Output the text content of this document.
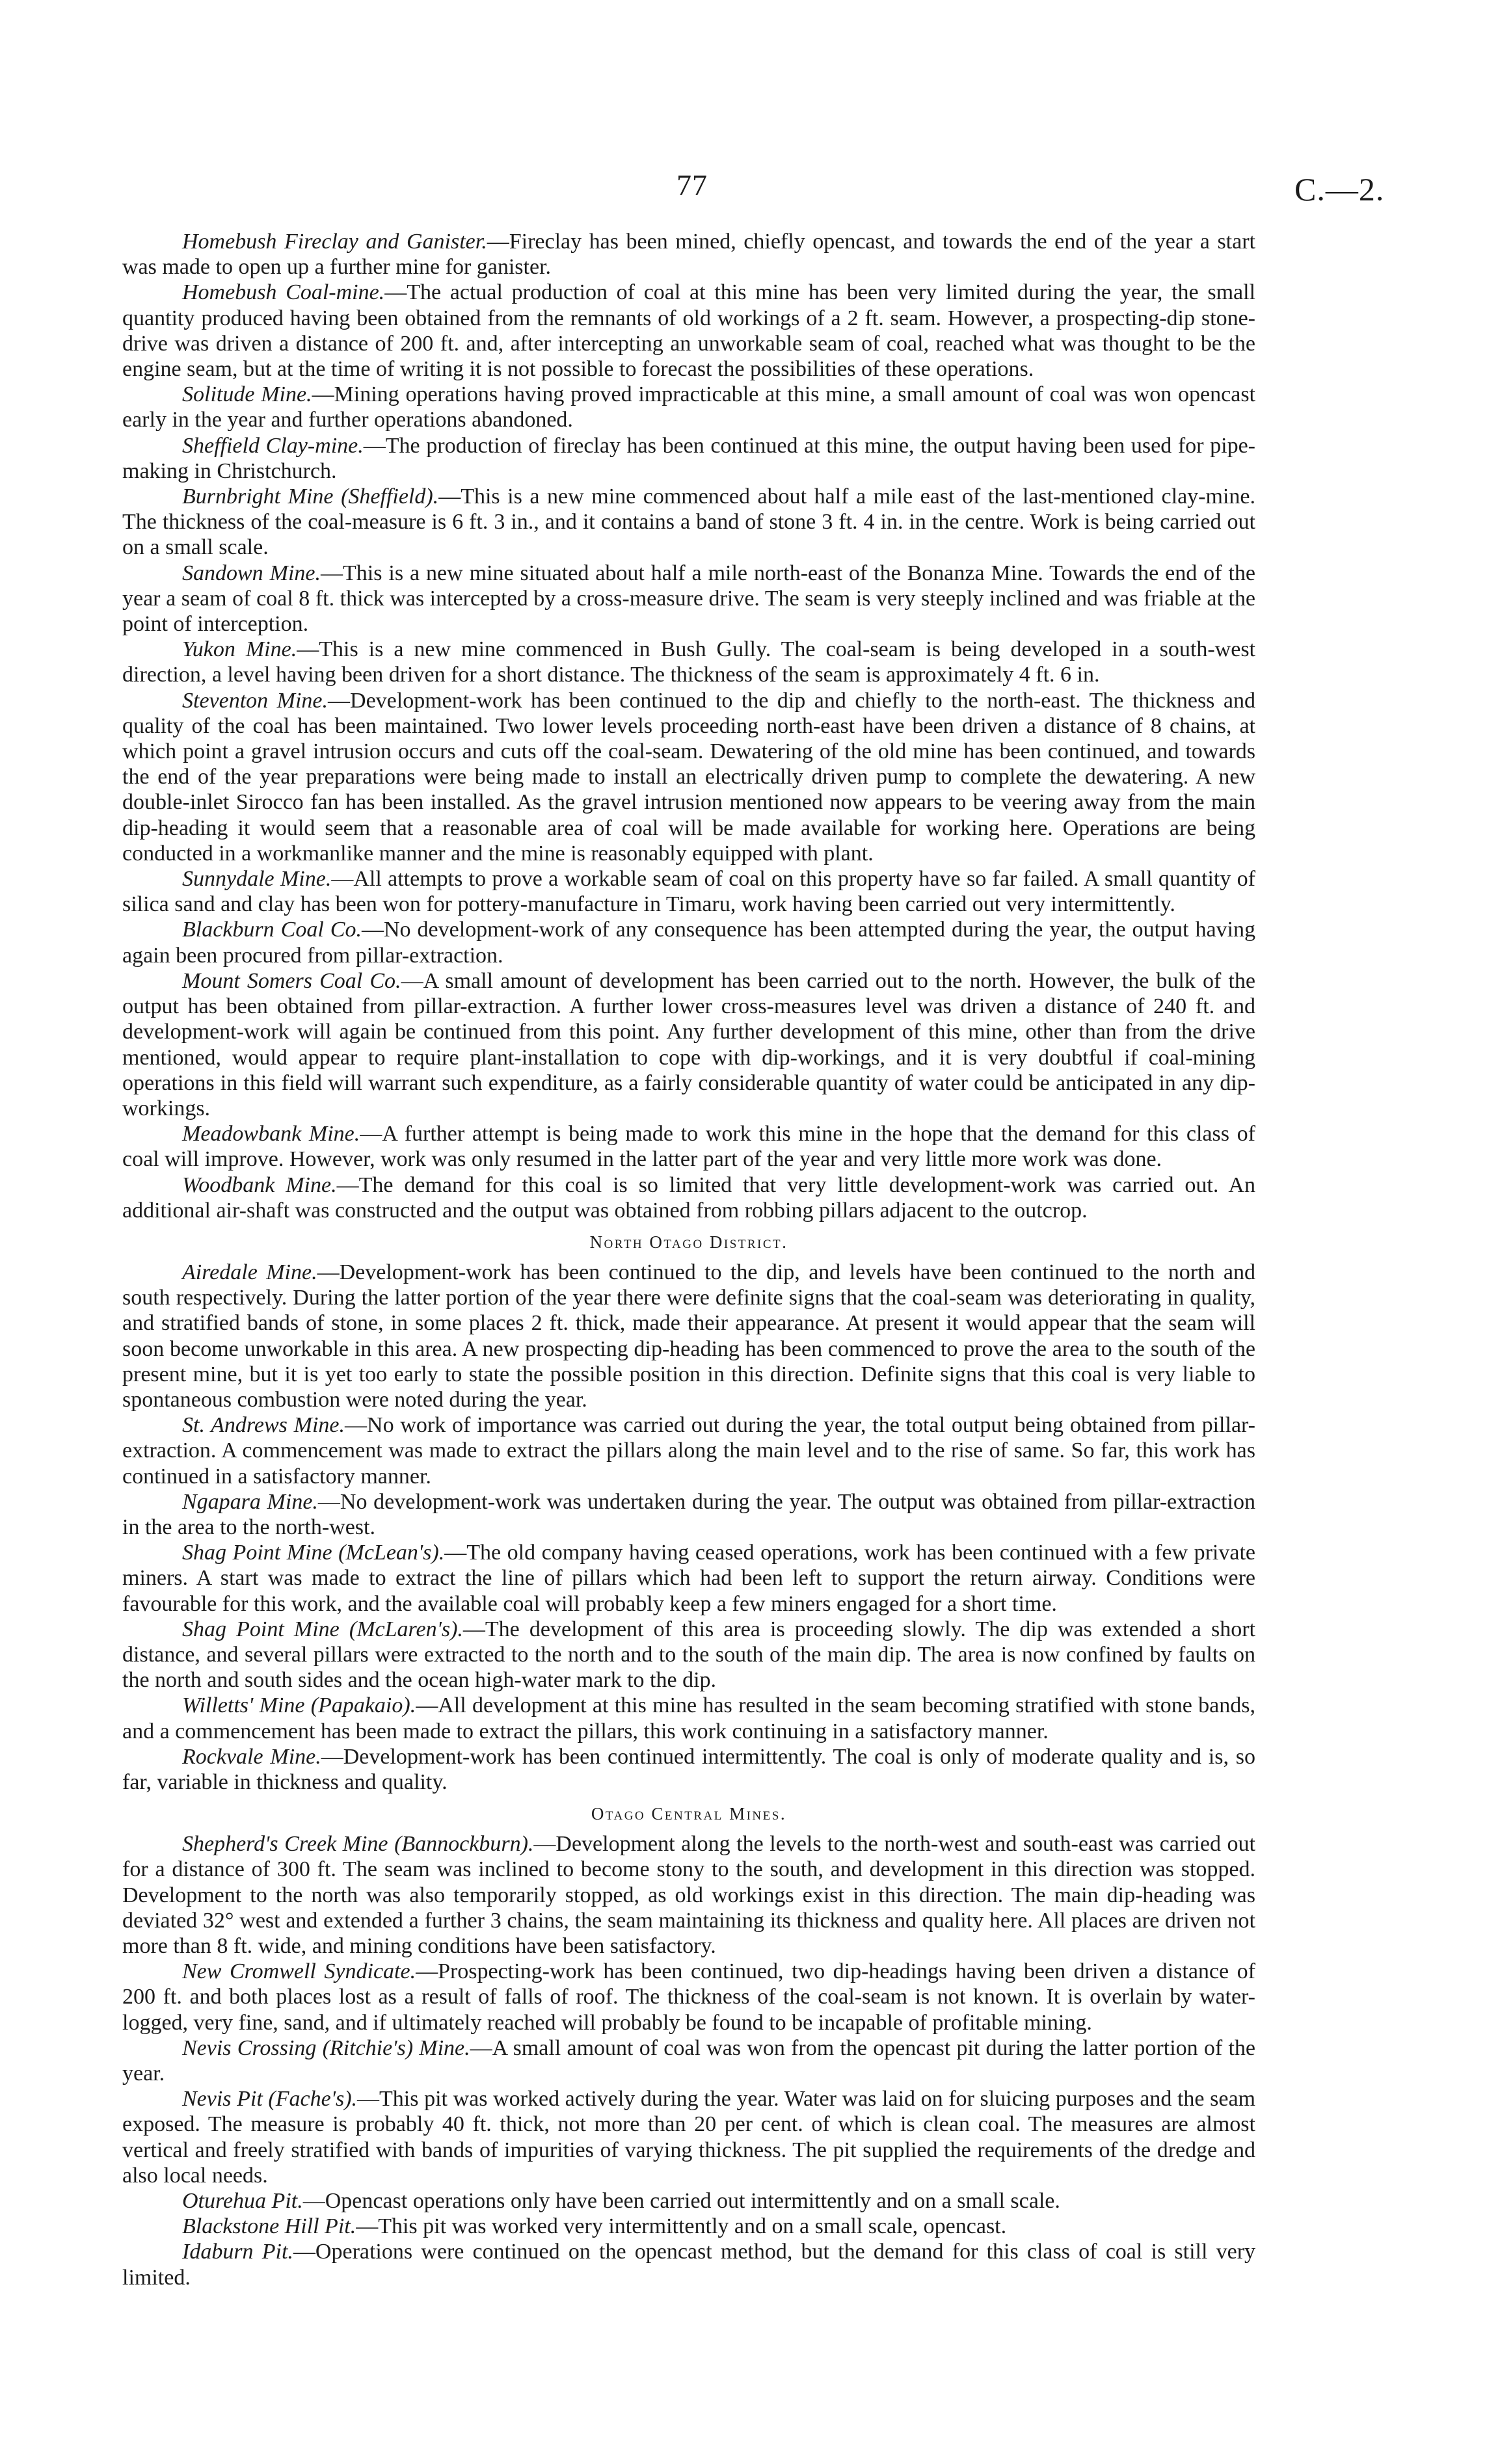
77	C.—2.

Homebush Fireclay and Ganister.—Fireclay has been mined, chiefly opencast, and towards the end of the year a start was made to open up a further mine for ganister.

Homebush Coal-mine.—The actual production of coal at this mine has been very limited during the year, the small quantity produced having been obtained from the remnants of old workings of a 2 ft. seam. However, a prospecting-dip stone-drive was driven a distance of 200 ft. and, after intercepting an unworkable seam of coal, reached what was thought to be the engine seam, but at the time of writing it is not possible to forecast the possibilities of these operations.

Solitude Mine.—Mining operations having proved impracticable at this mine, a small amount of coal was won opencast early in the year and further operations abandoned.

Sheffield Clay-mine.—The production of fireclay has been continued at this mine, the output having been used for pipe-making in Christchurch.

Burnbright Mine (Sheffield).—This is a new mine commenced about half a mile east of the last-mentioned clay-mine. The thickness of the coal-measure is 6 ft. 3 in., and it contains a band of stone 3 ft. 4 in. in the centre. Work is being carried out on a small scale.

Sandown Mine.—This is a new mine situated about half a mile north-east of the Bonanza Mine. Towards the end of the year a seam of coal 8 ft. thick was intercepted by a cross-measure drive. The seam is very steeply inclined and was friable at the point of interception.

Yukon Mine.—This is a new mine commenced in Bush Gully. The coal-seam is being developed in a south-west direction, a level having been driven for a short distance. The thickness of the seam is approximately 4 ft. 6 in.

Steventon Mine.—Development-work has been continued to the dip and chiefly to the north-east. The thickness and quality of the coal has been maintained. Two lower levels proceeding north-east have been driven a distance of 8 chains, at which point a gravel intrusion occurs and cuts off the coal-seam. Dewatering of the old mine has been continued, and towards the end of the year preparations were being made to install an electrically driven pump to complete the dewatering. A new double-inlet Sirocco fan has been installed. As the gravel intrusion mentioned now appears to be veering away from the main dip-heading it would seem that a reasonable area of coal will be made available for working here. Operations are being conducted in a workmanlike manner and the mine is reasonably equipped with plant.

Sunnydale Mine.—All attempts to prove a workable seam of coal on this property have so far failed. A small quantity of silica sand and clay has been won for pottery-manufacture in Timaru, work having been carried out very intermittently.

Blackburn Coal Co.—No development-work of any consequence has been attempted during the year, the output having again been procured from pillar-extraction.

Mount Somers Coal Co.—A small amount of development has been carried out to the north. However, the bulk of the output has been obtained from pillar-extraction. A further lower cross-measures level was driven a distance of 240 ft. and development-work will again be continued from this point. Any further development of this mine, other than from the drive mentioned, would appear to require plant-installation to cope with dip-workings, and it is very doubtful if coal-mining operations in this field will warrant such expenditure, as a fairly considerable quantity of water could be anticipated in any dip-workings.

Meadowbank Mine.—A further attempt is being made to work this mine in the hope that the demand for this class of coal will improve. However, work was only resumed in the latter part of the year and very little more work was done.

Woodbank Mine.—The demand for this coal is so limited that very little development-work was carried out. An additional air-shaft was constructed and the output was obtained from robbing pillars adjacent to the outcrop.

North Otago District.

Airedale Mine.—Development-work has been continued to the dip, and levels have been continued to the north and south respectively. During the latter portion of the year there were definite signs that the coal-seam was deteriorating in quality, and stratified bands of stone, in some places 2 ft. thick, made their appearance. At present it would appear that the seam will soon become unworkable in this area. A new prospecting dip-heading has been commenced to prove the area to the south of the present mine, but it is yet too early to state the possible position in this direction. Definite signs that this coal is very liable to spontaneous combustion were noted during the year.

St. Andrews Mine.—No work of importance was carried out during the year, the total output being obtained from pillar-extraction. A commencement was made to extract the pillars along the main level and to the rise of same. So far, this work has continued in a satisfactory manner.

Ngapara Mine.—No development-work was undertaken during the year. The output was obtained from pillar-extraction in the area to the north-west.

Shag Point Mine (McLean's).—The old company having ceased operations, work has been continued with a few private miners. A start was made to extract the line of pillars which had been left to support the return airway. Conditions were favourable for this work, and the available coal will probably keep a few miners engaged for a short time.

Shag Point Mine (McLaren's).—The development of this area is proceeding slowly. The dip was extended a short distance, and several pillars were extracted to the north and to the south of the main dip. The area is now confined by faults on the north and south sides and the ocean high-water mark to the dip.

Willetts' Mine (Papakaio).—All development at this mine has resulted in the seam becoming stratified with stone bands, and a commencement has been made to extract the pillars, this work continuing in a satisfactory manner.

Rockvale Mine.—Development-work has been continued intermittently. The coal is only of moderate quality and is, so far, variable in thickness and quality.

Otago Central Mines.

Shepherd's Creek Mine (Bannockburn).—Development along the levels to the north-west and south-east was carried out for a distance of 300 ft. The seam was inclined to become stony to the south, and development in this direction was stopped. Development to the north was also temporarily stopped, as old workings exist in this direction. The main dip-heading was deviated 32° west and extended a further 3 chains, the seam maintaining its thickness and quality here. All places are driven not more than 8 ft. wide, and mining conditions have been satisfactory.

New Cromwell Syndicate.—Prospecting-work has been continued, two dip-headings having been driven a distance of 200 ft. and both places lost as a result of falls of roof. The thickness of the coal-seam is not known. It is overlain by water-logged, very fine, sand, and if ultimately reached will probably be found to be incapable of profitable mining.

Nevis Crossing (Ritchie's) Mine.—A small amount of coal was won from the opencast pit during the latter portion of the year.

Nevis Pit (Fache's).—This pit was worked actively during the year. Water was laid on for sluicing purposes and the seam exposed. The measure is probably 40 ft. thick, not more than 20 per cent. of which is clean coal. The measures are almost vertical and freely stratified with bands of impurities of varying thickness. The pit supplied the requirements of the dredge and also local needs.

Oturehua Pit.—Opencast operations only have been carried out intermittently and on a small scale.

Blackstone Hill Pit.—This pit was worked very intermittently and on a small scale, opencast.

Idaburn Pit.—Operations were continued on the opencast method, but the demand for this class of coal is still very limited.
